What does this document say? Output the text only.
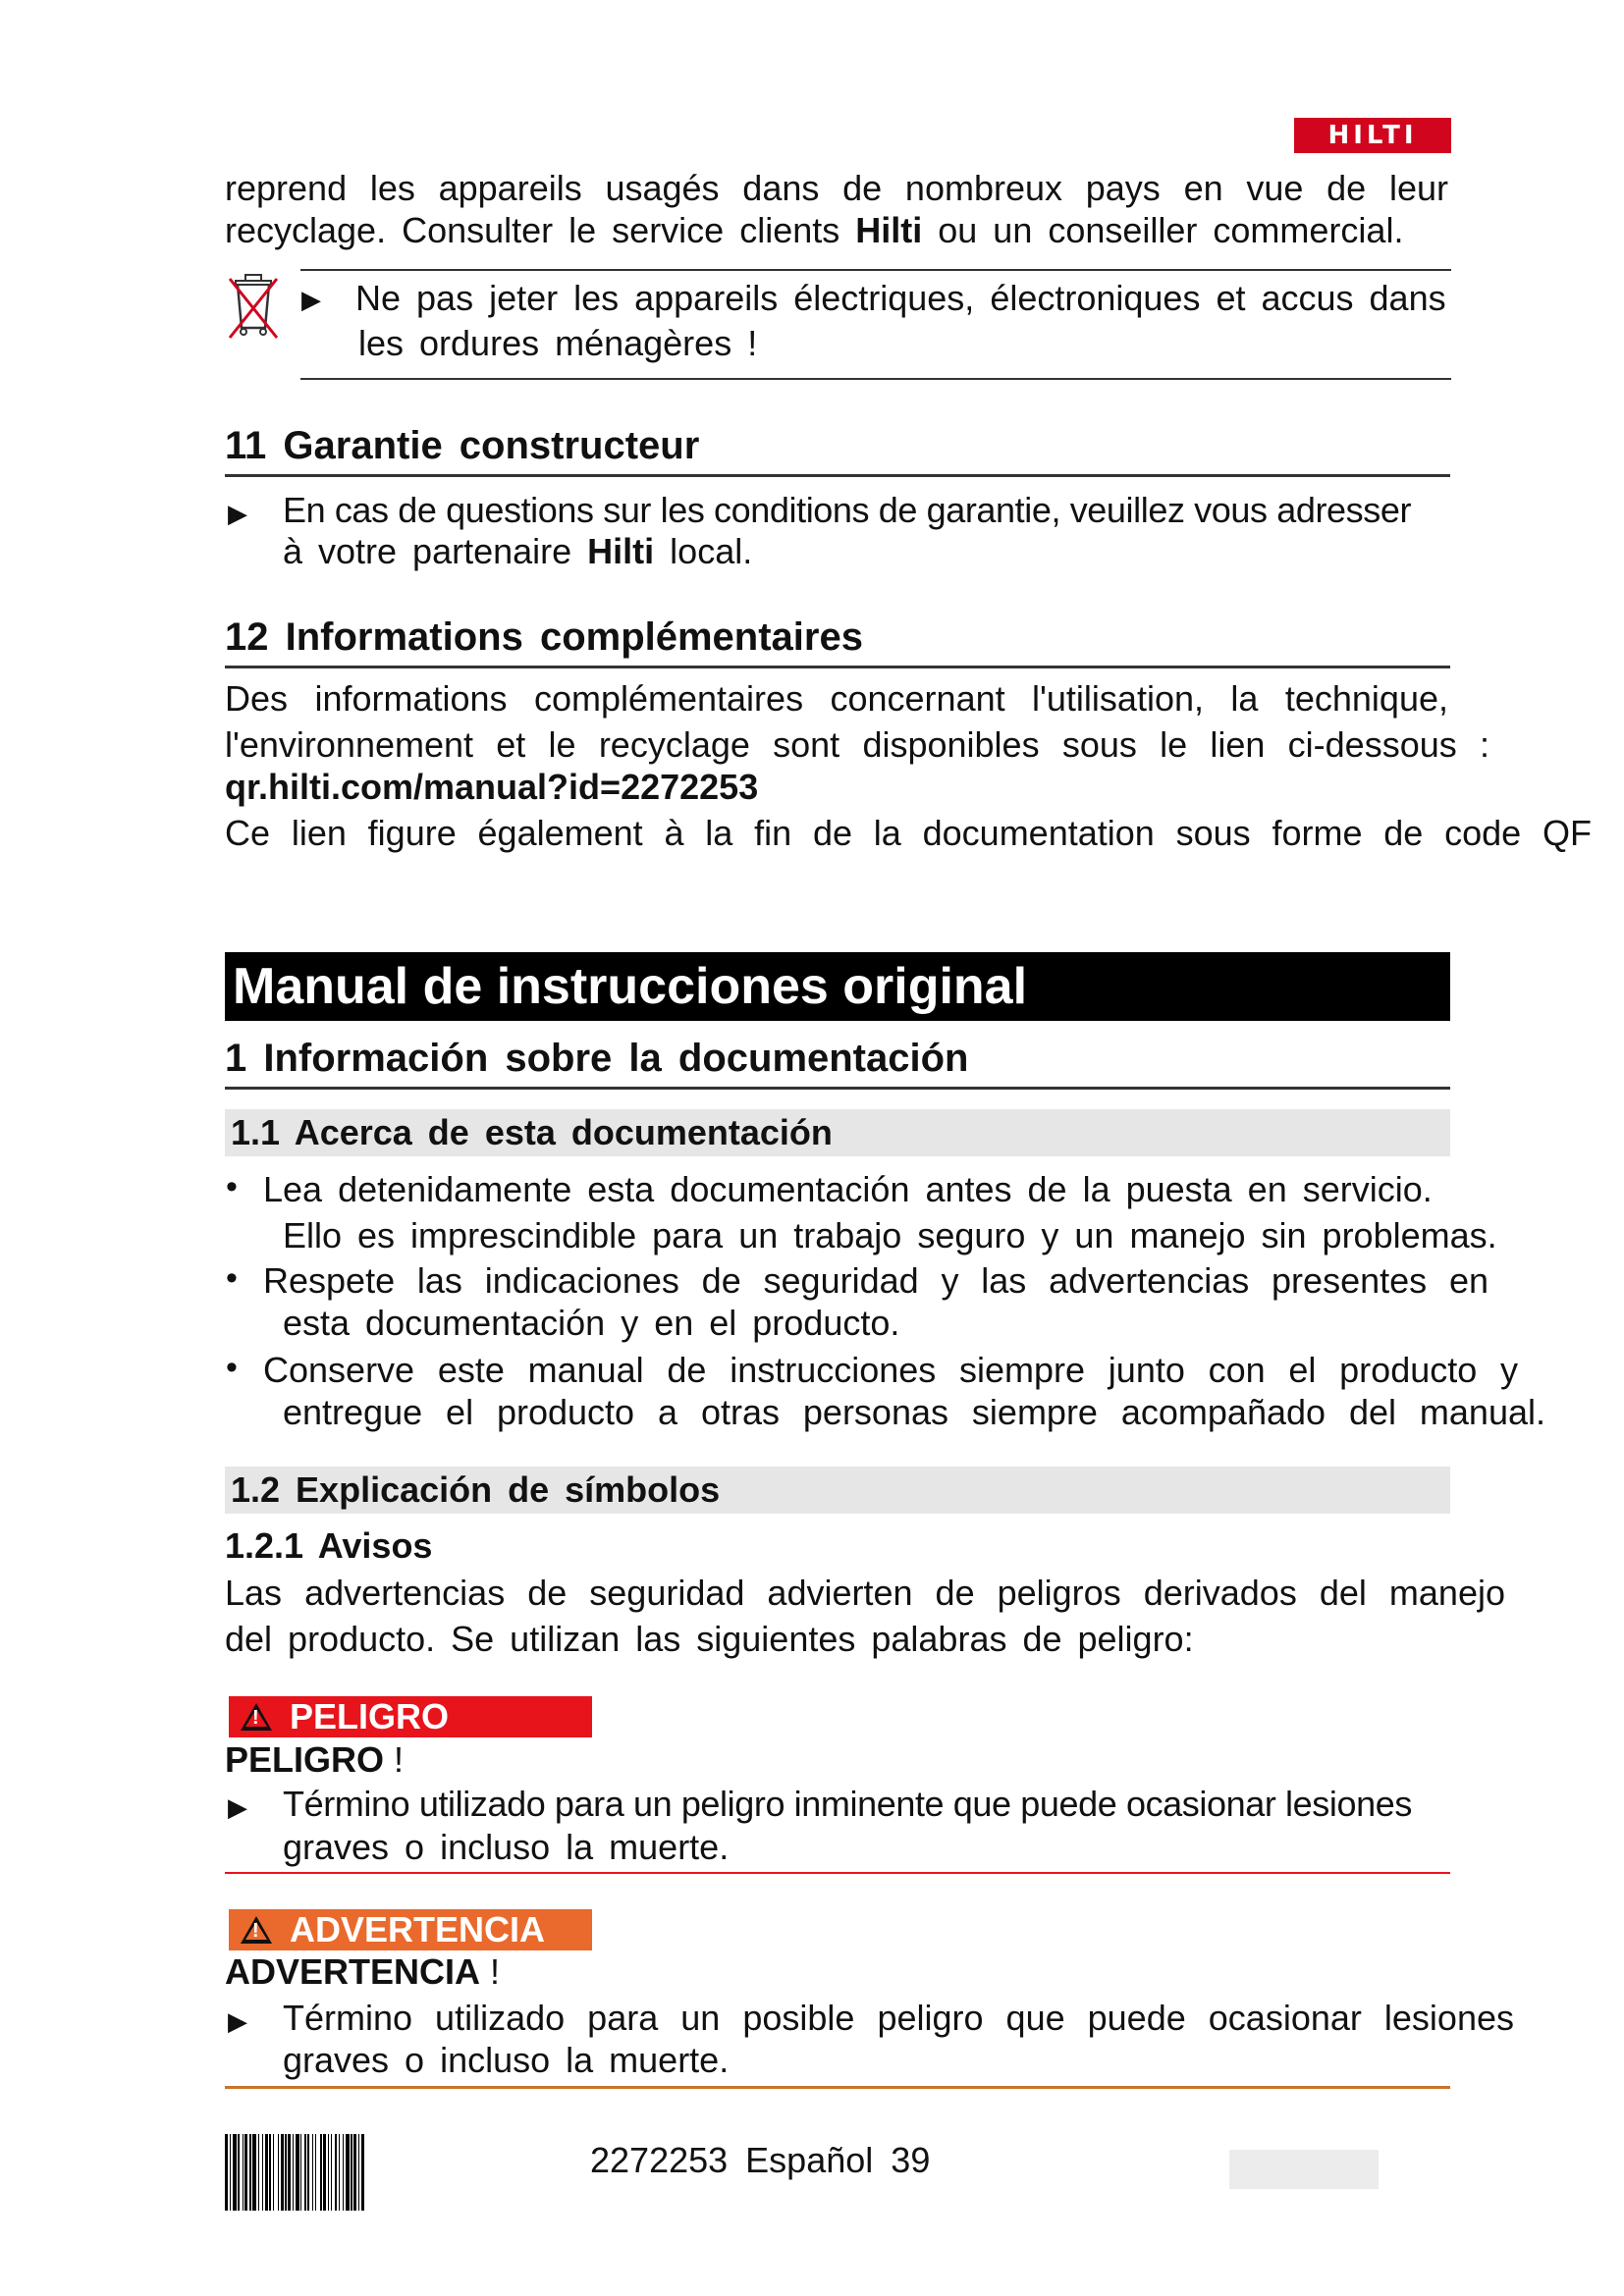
HILTI
reprend les appareils usagés dans de nombreux pays en vue de leur
recyclage. Consulter le service clients Hilti ou un conseiller commercial.
▶ Ne pas jeter les appareils électriques, électroniques et accus dans
les ordures ménagères !
11 Garantie constructeur
▶ En cas de questions sur les conditions de garantie, veuillez vous adresser
à votre partenaire Hilti local.
12 Informations complémentaires
Des informations complémentaires concernant l'utilisation, la technique,
l'environnement et le recyclage sont disponibles sous le lien ci-dessous :
qr.hilti.com/manual?id=2272253
Ce lien figure également à la fin de la documentation sous forme de code QF
Manual de instrucciones original
1 Información sobre la documentación
1.1 Acerca de esta documentación
• Lea detenidamente esta documentación antes de la puesta en servicio.
Ello es imprescindible para un trabajo seguro y un manejo sin problemas.
• Respete las indicaciones de seguridad y las advertencias presentes en
esta documentación y en el producto.
• Conserve este manual de instrucciones siempre junto con el producto y
entregue el producto a otras personas siempre acompañado del manual.
1.2 Explicación de símbolos
1.2.1 Avisos
Las advertencias de seguridad advierten de peligros derivados del manejo
del producto. Se utilizan las siguientes palabras de peligro:
!
PELIGRO
PELIGRO !
▶ Término utilizado para un peligro inminente que puede ocasionar lesiones
graves o incluso la muerte.
!
ADVERTENCIA
ADVERTENCIA !
▶ Término utilizado para un posible peligro que puede ocasionar lesiones
graves o incluso la muerte.
2272253 Español 39
